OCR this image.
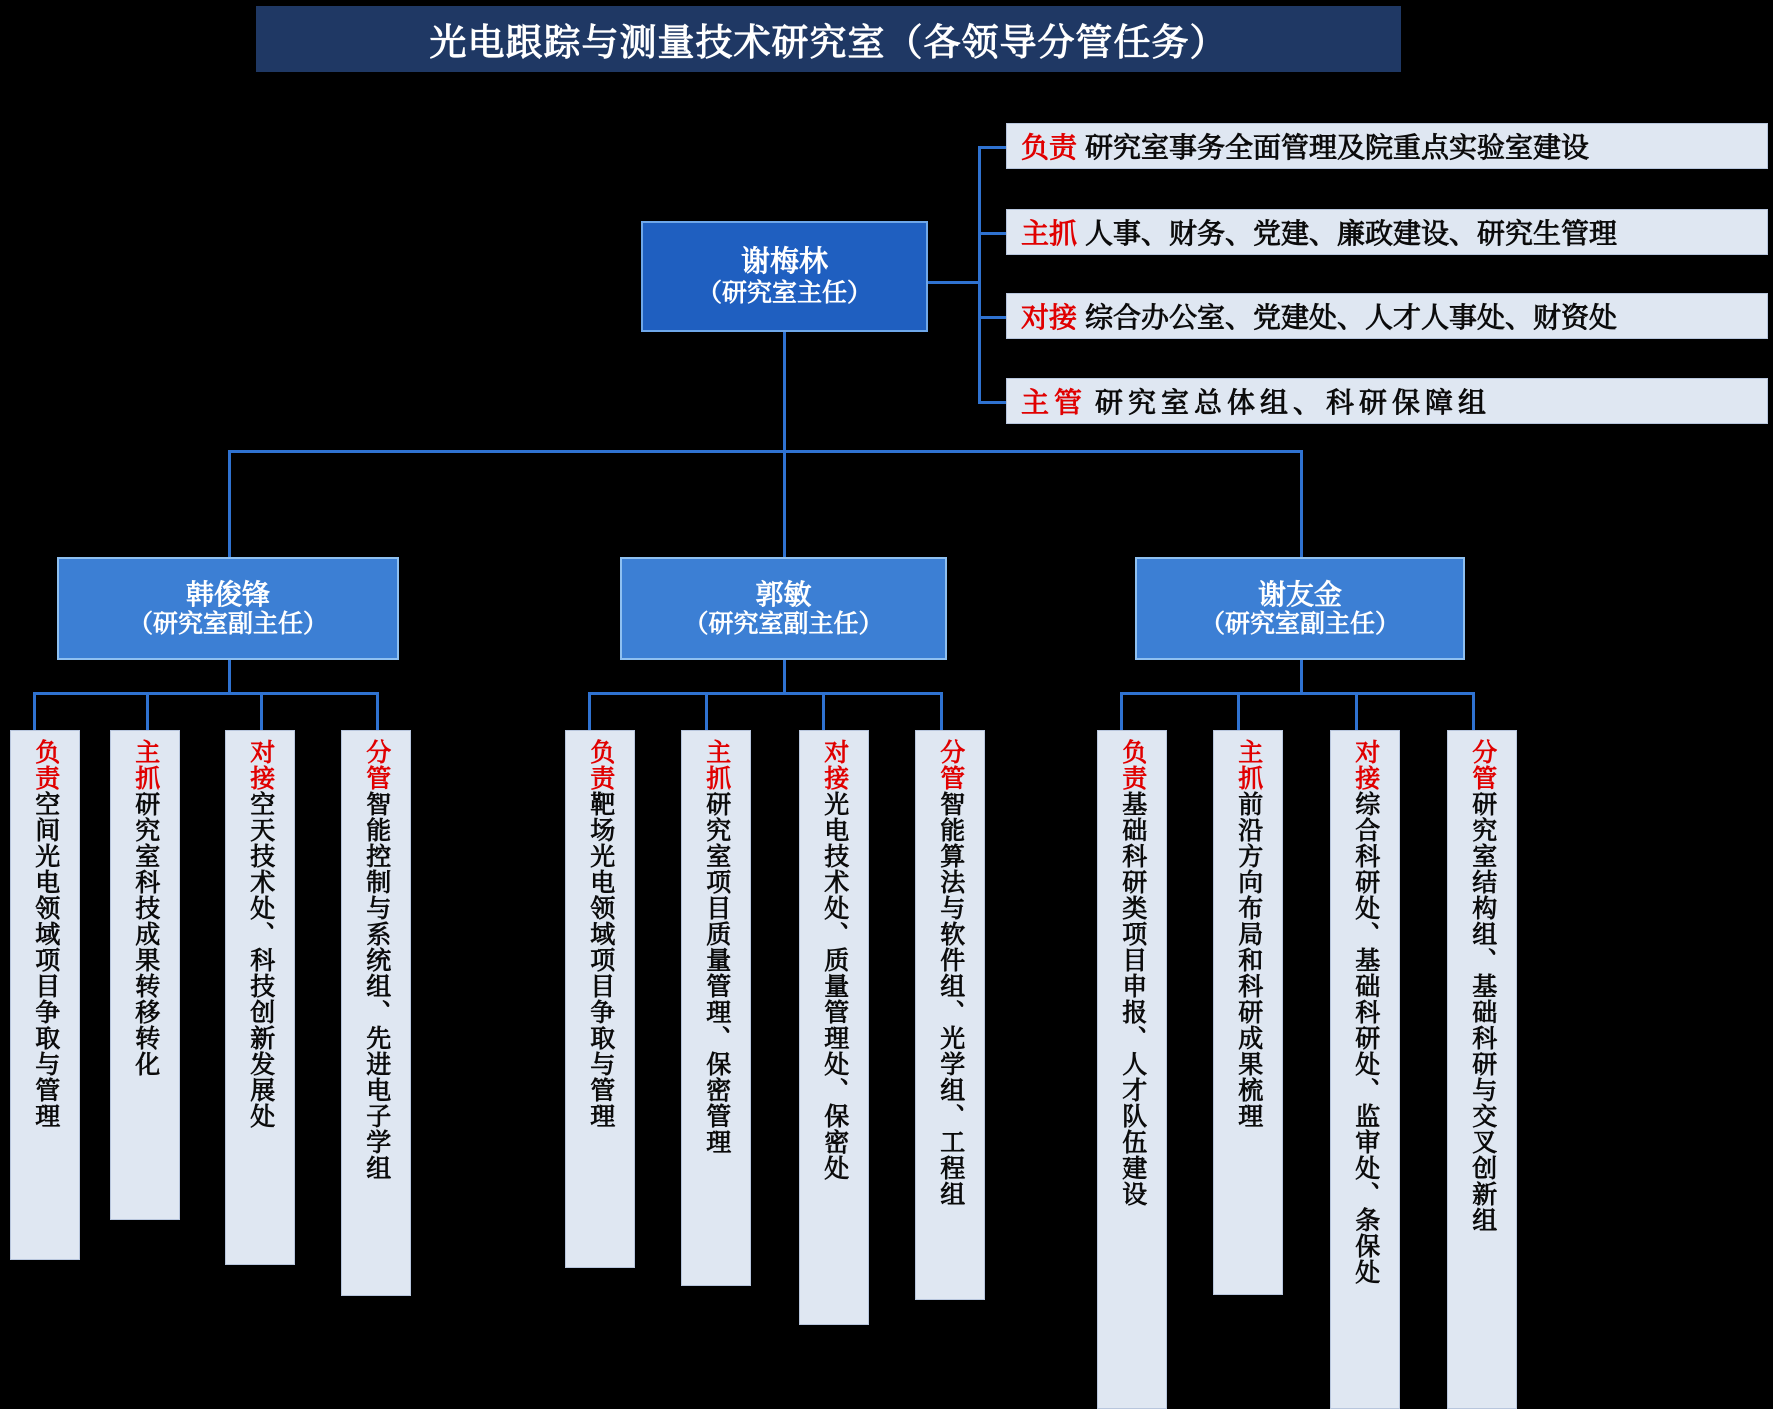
光电跟踪与测量技术研究室（各领导分管任务）
谢梅林
（研究室主任）
负责 研究室事务全面管理及院重点实验室建设
主抓 人事、财务、党建、廉政建设、研究生管理
对接 综合办公室、党建处、人才人事处、财资处
主管 研究室总体组、科研保障组
韩俊锋
（研究室副主任）
负责
空间光电领域项目争取与管理
主抓
研究室科技成果转移转化
对接
空天技术处、科技创新发展处
分管
智能控制与系统组、先进电子学组
郭敏
（研究室副主任）
负责
靶场光电领域项目争取与管理
主抓
研究室项目质量管理、保密管理
对接
光电技术处、质量管理处、保密处
分管
智能算法与软件组、光学组、工程组
谢友金
（研究室副主任）
负责
基础科研类项目申报、人才队伍建设
主抓
前沿方向布局和科研成果梳理
对接
综合科研处、基础科研处、监审处、条保处
分管
研究室结构组、基础科研与交叉创新组
